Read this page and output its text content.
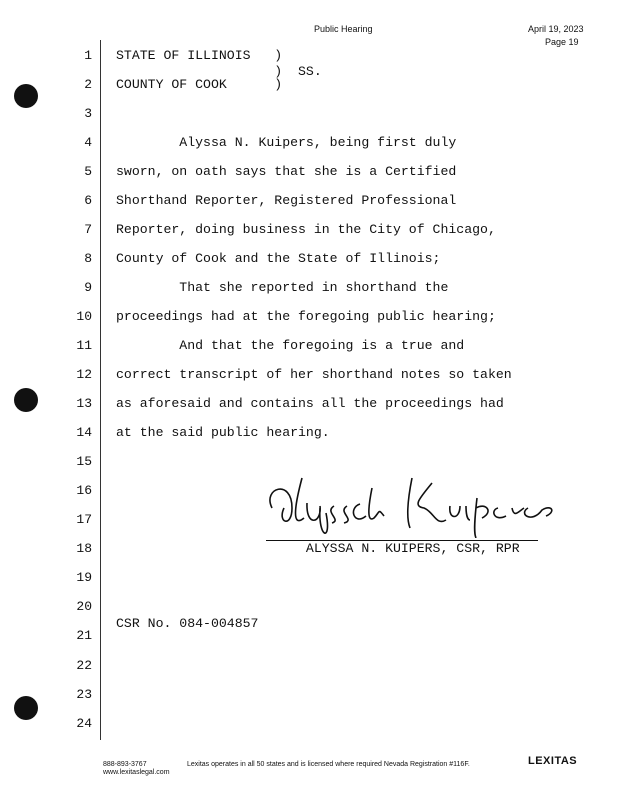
Public Hearing	April 19, 2023
Page 19
1 STATE OF ILLINOIS   )
)  SS.
2 COUNTY OF COOK      )
3
4 Alyssa N. Kuipers, being first duly
5 sworn, on oath says that she is a Certified
6 Shorthand Reporter, Registered Professional
7 Reporter, doing business in the City of Chicago,
8 County of Cook and the State of Illinois;
9 That she reported in shorthand the
10 proceedings had at the foregoing public hearing;
11 And that the foregoing is a true and
12 correct transcript of her shorthand notes so taken
13 as aforesaid and contains all the proceedings had
14 at the said public hearing.
15
16
17
18 ALYSSA N. KUIPERS, CSR, RPR
19
20
CSR No. 084-004857
21
22
23
24
888-893-3767
www.lexitaslegal.com
Lexitas operates in all 50 states and is licensed where required Nevada Registration #116F.	LEXITAS
